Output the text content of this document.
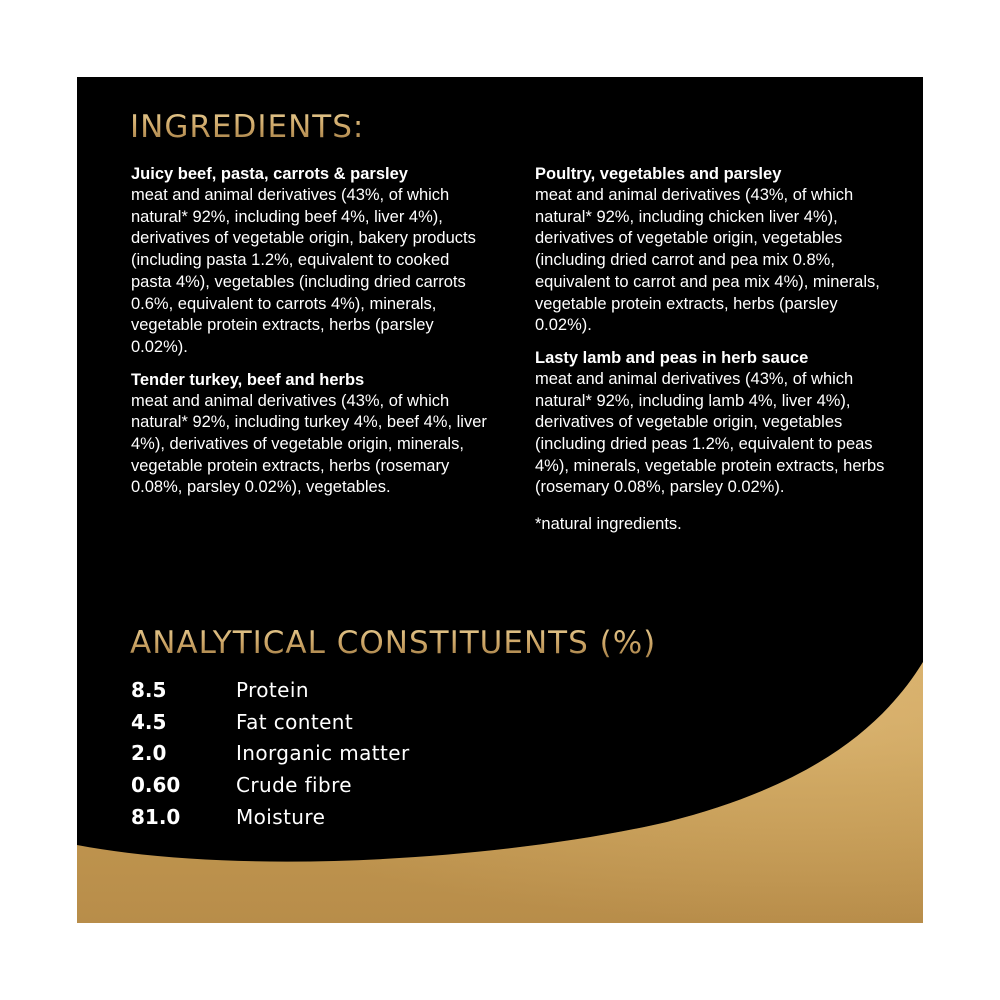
INGREDIENTS:
Juicy beef, pasta, carrots & parsley
meat and animal derivatives (43%, of which natural* 92%, including beef 4%, liver 4%), derivatives of vegetable origin, bakery products (including pasta 1.2%, equivalent to cooked pasta 4%), vegetables (including dried carrots 0.6%, equivalent to carrots 4%), minerals, vegetable protein extracts, herbs (parsley 0.02%).
Tender turkey, beef and herbs
meat and animal derivatives (43%, of which natural* 92%, including turkey 4%, beef 4%, liver 4%), derivatives of vegetable origin, minerals, vegetable protein extracts, herbs (rosemary 0.08%, parsley 0.02%), vegetables.
Poultry, vegetables and parsley
meat and animal derivatives (43%, of which natural* 92%, including chicken liver 4%), derivatives of vegetable origin, vegetables (including dried carrot and pea mix 0.8%, equivalent to carrot and pea mix 4%), minerals, vegetable protein extracts, herbs (parsley 0.02%).
Lasty lamb and peas in herb sauce
meat and animal derivatives (43%, of which natural* 92%, including lamb 4%, liver 4%), derivatives of vegetable origin, vegetables (including dried peas 1.2%, equivalent to peas 4%), minerals, vegetable protein extracts, herbs (rosemary 0.08%, parsley 0.02%).
*natural ingredients.
ANALYTICAL CONSTITUENTS (%)
8.5	Protein
4.5	Fat content
2.0	Inorganic matter
0.60	Crude fibre
81.0	Moisture
